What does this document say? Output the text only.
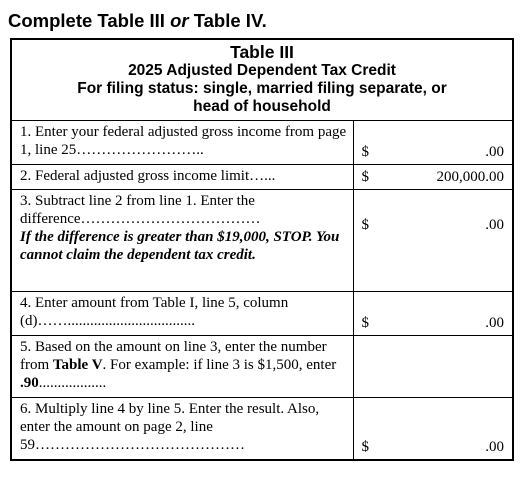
Complete Table III or Table IV.
Table III
2025 Adjusted Dependent Tax Credit
For filing status: single, married filing separate, or
head of household	

1. Enter your federal adjusted gross income from page 1, line 25……………………..	$ .00

2. Federal adjusted gross income limit…...	$ 200,000.00

3. Subtract line 2 from line 1. Enter the difference………………………………
If the difference is greater than $19,000, STOP. You cannot claim the dependent tax credit.	$ .00

4. Enter amount from Table I, line 5, column (d)……..................................	$ .00

5. Based on the amount on line 3, enter the number from Table V. For example: if line 3 is $1,500, enter .90..................	
6. Multiply line 4 by line 5. Enter the result. Also, enter the amount on page 2, line 59……………………………………	$ .00
